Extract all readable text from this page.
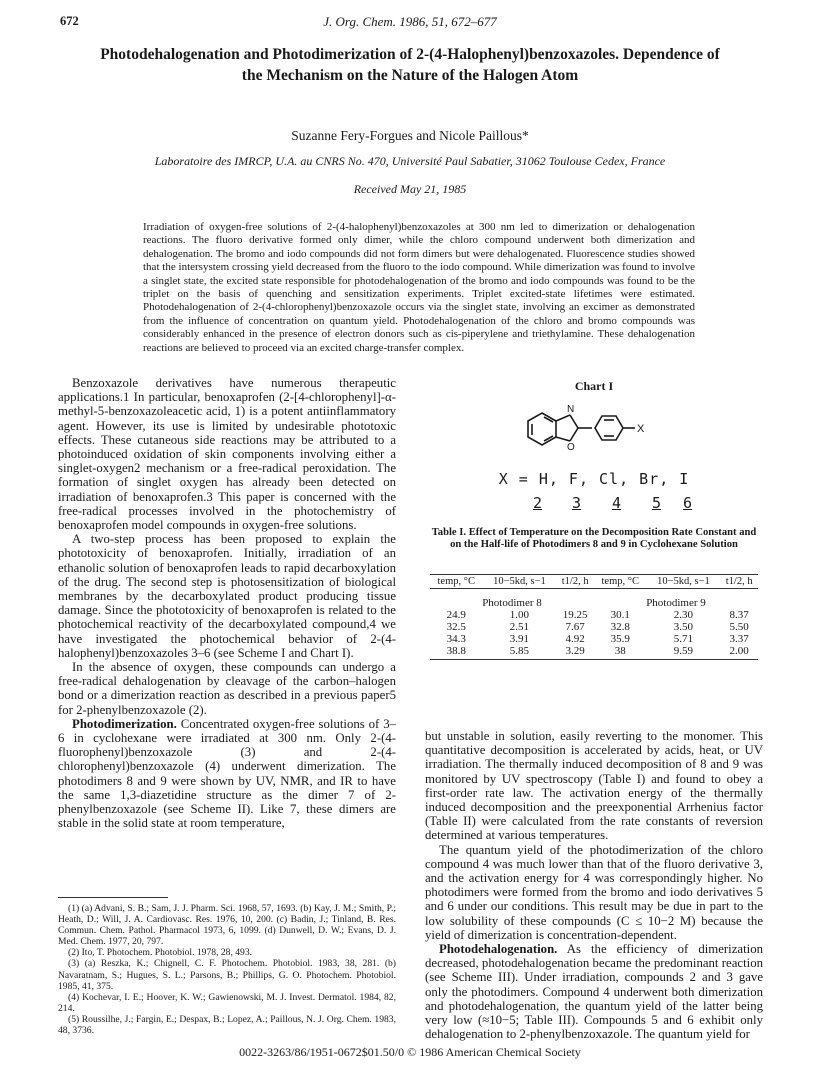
672	J. Org. Chem. 1986, 51, 672–677
Photodehalogenation and Photodimerization of 2-(4-Halophenyl)benzoxazoles. Dependence of the Mechanism on the Nature of the Halogen Atom
Suzanne Fery-Forgues and Nicole Paillous*
Laboratoire des IMRCP, U.A. au CNRS No. 470, Université Paul Sabatier, 31062 Toulouse Cedex, France
Received May 21, 1985
Irradiation of oxygen-free solutions of 2-(4-halophenyl)benzoxazoles at 300 nm led to dimerization or dehalogenation reactions. The fluoro derivative formed only dimer, while the chloro compound underwent both dimerization and dehalogenation. The bromo and iodo compounds did not form dimers but were dehalogenated. Fluorescence studies showed that the intersystem crossing yield decreased from the fluoro to the iodo compound. While dimerization was found to involve a singlet state, the excited state responsible for photodehalogenation of the bromo and iodo compounds was found to be the triplet on the basis of quenching and sensitization experiments. Triplet excited-state lifetimes were estimated. Photodehalogenation of 2-(4-chlorophenyl)benzoxazole occurs via the singlet state, involving an excimer as demonstrated from the influence of concentration on quantum yield. Photodehalogenation of the chloro and bromo compounds was considerably enhanced in the presence of electron donors such as cis-piperylene and triethylamine. These dehalogenation reactions are believed to proceed via an excited charge-transfer complex.

Benzoxazole derivatives have numerous therapeutic applications.1 In particular, benoxaprofen (2-[4-chlorophenyl]-α-methyl-5-benzoxazoleacetic acid, 1) is a potent antiinflammatory agent. However, its use is limited by undesirable phototoxic effects. These cutaneous side reactions may be attributed to a photoinduced oxidation of skin components involving either a singlet-oxygen2 mechanism or a free-radical peroxidation. The formation of singlet oxygen has already been detected on irradiation of benoxaprofen.3 This paper is concerned with the free-radical processes involved in the photochemistry of benoxaprofen model compounds in oxygen-free solutions.

A two-step process has been proposed to explain the phototoxicity of benoxaprofen. Initially, irradiation of an ethanolic solution of benoxaprofen leads to rapid decarboxylation of the drug. The second step is photosensitization of biological membranes by the decarboxylated product producing tissue damage. Since the phototoxicity of benoxaprofen is related to the photochemical reactivity of the decarboxylated compound,4 we have investigated the photochemical behavior of 2-(4-halophenyl)benzoxazoles 3–6 (see Scheme I and Chart I).

In the absence of oxygen, these compounds can undergo a free-radical dehalogenation by cleavage of the carbon–halogen bond or a dimerization reaction as described in a previous paper5 for 2-phenylbenzoxazole (2).

Photodimerization. Concentrated oxygen-free solutions of 3–6 in cyclohexane were irradiated at 300 nm. Only 2-(4-fluorophenyl)benzoxazole (3) and 2-(4-chlorophenyl)benzoxazole (4) underwent dimerization. The photodimers 8 and 9 were shown by UV, NMR, and IR to have the same 1,3-diazetidine structure as the dimer 7 of 2-phenylbenzoxazole (see Scheme II). Like 7, these dimers are stable in the solid state at room temperature,

(1) (a) Advani, S. B.; Sam, J. J. Pharm. Sci. 1968, 57, 1693. (b) Kay, J. M.; Smith, P.; Heath, D.; Will, J. A. Cardiovasc. Res. 1976, 10, 200. (c) Badin, J.; Tinland, B. Res. Commun. Chem. Pathol. Pharmacol 1973, 6, 1099. (d) Dunwell, D. W.; Evans, D. J. Med. Chem. 1977, 20, 797.

(2) Ito, T. Photochem. Photobiol. 1978, 28, 493.

(3) (a) Reszka, K.; Chignell, C. F. Photochem. Photobiol. 1983, 38, 281. (b) Navaratnam, S.; Hugues, S. L.; Parsons, B.; Phillips, G. O. Photochem. Photobiol. 1985, 41, 375.

(4) Kochevar, I. E.; Hoover, K. W.; Gawienowski, M. J. Invest. Dermatol. 1984, 82, 214.

(5) Roussilhe, J.; Fargin, E.; Despax, B.; Lopez, A.; Paillous, N. J. Org. Chem. 1983, 48, 3736.

Chart I
N
O
X
X = H, F, Cl, Br, I
2 3 4 5 6
Table I. Effect of Temperature on the Decomposition Rate Constant and on the Half-life of Photodimers 8 and 9 in Cyclohexane Solution
temp, °C	10−5kd, s−1	t1/2, h	temp, °C	10−5kd, s−1	t1/2, h
Photodimer 8			Photodimer 9		
24.9	1.00	19.25	30.1	2.30	8.37
32.5	2.51	7.67	32.8	3.50	5.50
34.3	3.91	4.92	35.9	5.71	3.37
38.8	5.85	3.29	38	9.59	2.00

but unstable in solution, easily reverting to the monomer. This quantitative decomposition is accelerated by acids, heat, or UV irradiation. The thermally induced decomposition of 8 and 9 was monitored by UV spectroscopy (Table I) and found to obey a first-order rate law. The activation energy of the thermally induced decomposition and the preexponential Arrhenius factor (Table II) were calculated from the rate constants of reversion determined at various temperatures.

The quantum yield of the photodimerization of the chloro compound 4 was much lower than that of the fluoro derivative 3, and the activation energy for 4 was correspondingly higher. No photodimers were formed from the bromo and iodo derivatives 5 and 6 under our conditions. This result may be due in part to the low solubility of these compounds (C ≤ 10−2 M) because the yield of dimerization is concentration-dependent.

Photodehalogenation. As the efficiency of dimerization decreased, photodehalogenation became the predominant reaction (see Scheme III). Under irradiation, compounds 2 and 3 gave only the photodimers. Compound 4 underwent both dimerization and photodehalogenation, the quantum yield of the latter being very low (≈10−5; Table III). Compounds 5 and 6 exhibit only dehalogenation to 2-phenylbenzoxazole. The quantum yield for

0022-3263/86/1951-0672$01.50/0 © 1986 American Chemical Society
